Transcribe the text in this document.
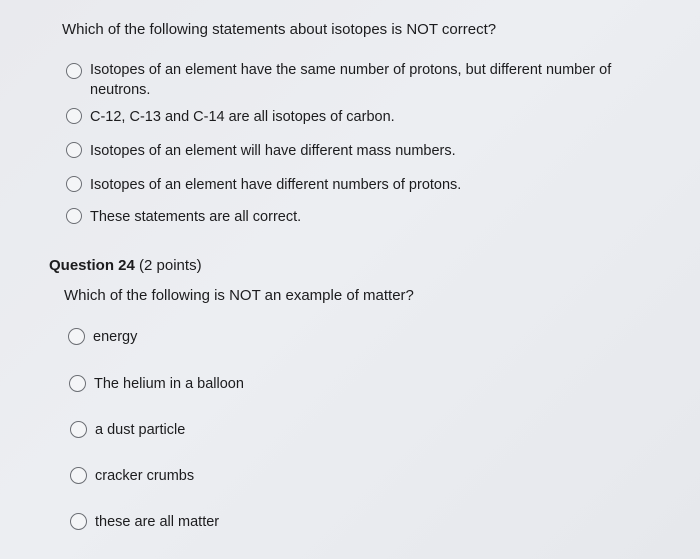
Which of the following statements about isotopes is NOT correct?
Isotopes of an element have the same number of protons, but different number of neutrons.
C-12, C-13 and C-14 are all isotopes of carbon.
Isotopes of an element will have different mass numbers.
Isotopes of an element have different numbers of protons.
These statements are all correct.
Question 24 (2 points)
Which of the following is NOT an example of matter?
energy
The helium in a balloon
a dust particle
cracker crumbs
these are all matter
